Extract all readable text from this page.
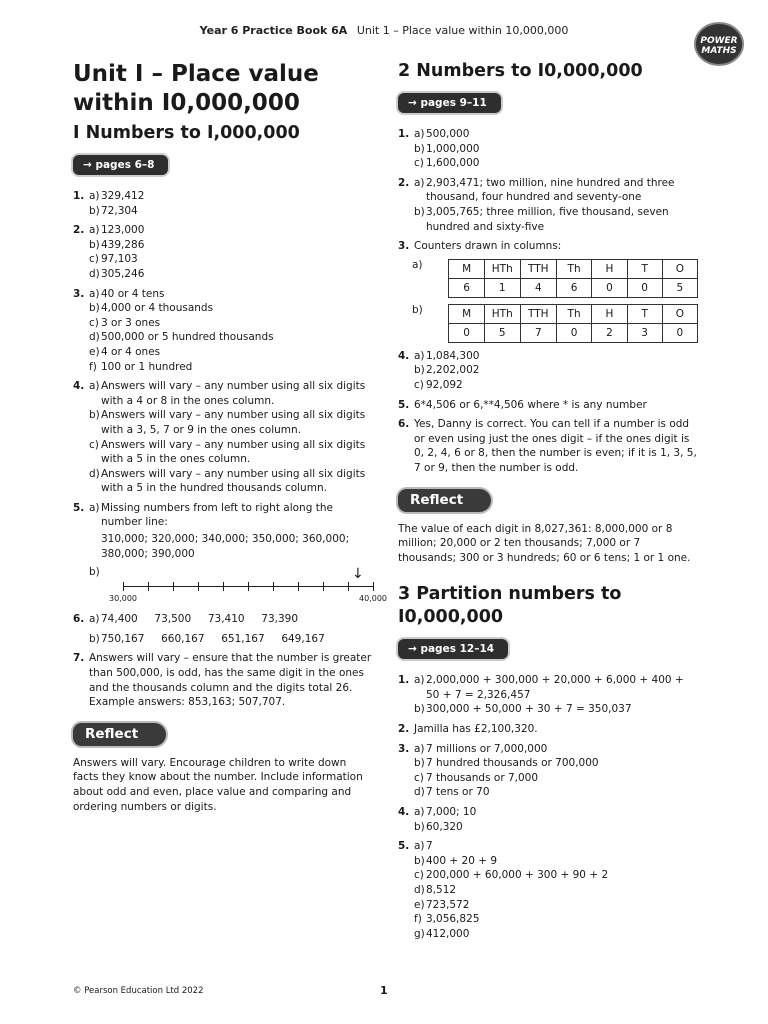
Year 6 Practice Book 6A Unit 1 – Place value within 10,000,000
POWER
MATHS
Unit I – Place value
within I0,000,000
I Numbers to I,000,000
→ pages 6–8
1. a) 329,412
b) 72,304
2. a) 123,000
b) 439,286
c) 97,103
d) 305,246
3. a) 40 or 4 tens
b) 4,000 or 4 thousands
c) 3 or 3 ones
d) 500,000 or 5 hundred thousands
e) 4 or 4 ones
f) 100 or 1 hundred
4. a) Answers will vary – any number using all six digits with a 4 or 8 in the ones column.
b) Answers will vary – any number using all six digits with a 3, 5, 7 or 9 in the ones column.
c) Answers will vary – any number using all six digits with a 5 in the ones column.
d) Answers will vary – any number using all six digits with a 5 in the hundred thousands column.
5. a) Missing numbers from left to right along the number line:

310,000; 320,000; 340,000; 350,000; 360,000; 380,000; 390,000
b)	↓
30,000	40,000
6. a) 74,400     73,500     73,410     73,390
b) 750,167     660,167     651,167     649,167
7. Answers will vary – ensure that the number is greater than 500,000, is odd, has the same digit in the ones and the thousands column and the digits total 26. Example answers: 853,163; 507,707.
Reflect
Answers will vary. Encourage children to write down facts they know about the number. Include information about odd and even, place value and comparing and ordering numbers or digits.
2 Numbers to I0,000,000
→ pages 9–11
1. a) 500,000
b) 1,000,000
c) 1,600,000
2. a) 2,903,471; two million, nine hundred and three thousand, four hundred and seventy-one
b) 3,005,765; three million, five thousand, seven hundred and sixty-five
3. Counters drawn in columns:
a)	M	HTh	TTH	Th	H	T	O
6	1	4	6	0	0	5
b)	M	HTh	TTH	Th	H	T	O
0	5	7	0	2	3	0
4. a) 1,084,300
b) 2,202,002
c) 92,092
5. 6*4,506 or 6,**4,506 where * is any number
6. Yes, Danny is correct. You can tell if a number is odd or even using just the ones digit – if the ones digit is 0, 2, 4, 6 or 8, then the number is even; if it is 1, 3, 5, 7 or 9, then the number is odd.
Reflect
The value of each digit in 8,027,361: 8,000,000 or 8 million; 20,000 or 2 ten thousands; 7,000 or 7 thousands; 300 or 3 hundreds; 60 or 6 tens; 1 or 1 one.
3 Partition numbers to
I0,000,000
→ pages 12–14
1. a) 2,000,000 + 300,000 + 20,000 + 6,000 + 400 + 50 + 7 = 2,326,457
b) 300,000 + 50,000 + 30 + 7 = 350,037
2. Jamilla has £2,100,320.
3. a) 7 millions or 7,000,000
b) 7 hundred thousands or 700,000
c) 7 thousands or 7,000
d) 7 tens or 70
4. a) 7,000; 10
b) 60,320
5. a) 7
b) 400 + 20 + 9
c) 200,000 + 60,000 + 300 + 90 + 2
d) 8,512
e) 723,572
f) 3,056,825
g) 412,000
© Pearson Education Ltd 2022	1
